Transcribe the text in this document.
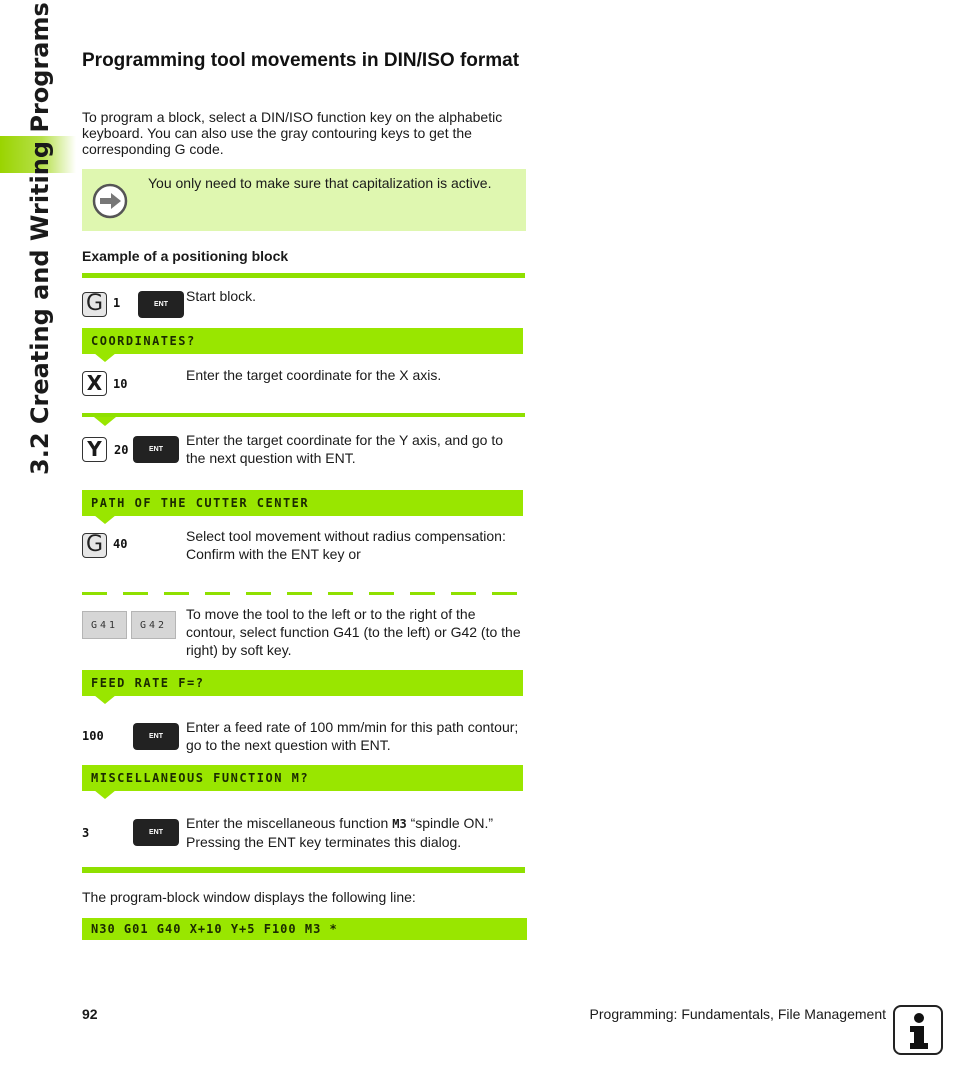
3.2 Creating and Writing Programs	Programming tool movements in DIN/ISO format
To program a block, select a DIN/ISO function key on the alphabetic keyboard. You can also use the gray contouring keys to get the corresponding G code.
You only need to make sure that capitalization is active.
Example of a positioning block
G 1	ENT
Start block.
COORDINATES?
X 10
Enter the target coordinate for the X axis.
Y	20	ENT
Enter the target coordinate for the Y axis, and go to the next question with ENT.
PATH OF THE CUTTER CENTER
G 40	Select tool movement without radius compensation: Confirm with the ENT key or
G41	G42
To move the tool to the left or to the right of the contour, select function G41 (to the left) or G42 (to the right) by soft key.
FEED RATE F=?
100	ENT
Enter a feed rate of 100 mm/min for this path contour; go to the next question with ENT.
MISCELLANEOUS FUNCTION M?
3	ENT
Enter the miscellaneous function M3 “spindle ON.” Pressing the ENT key terminates this dialog.
The program-block window displays the following line:
N30 G01 G40 X+10 Y+5 F100 M3 *
92	Programming: Fundamentals, File Management
